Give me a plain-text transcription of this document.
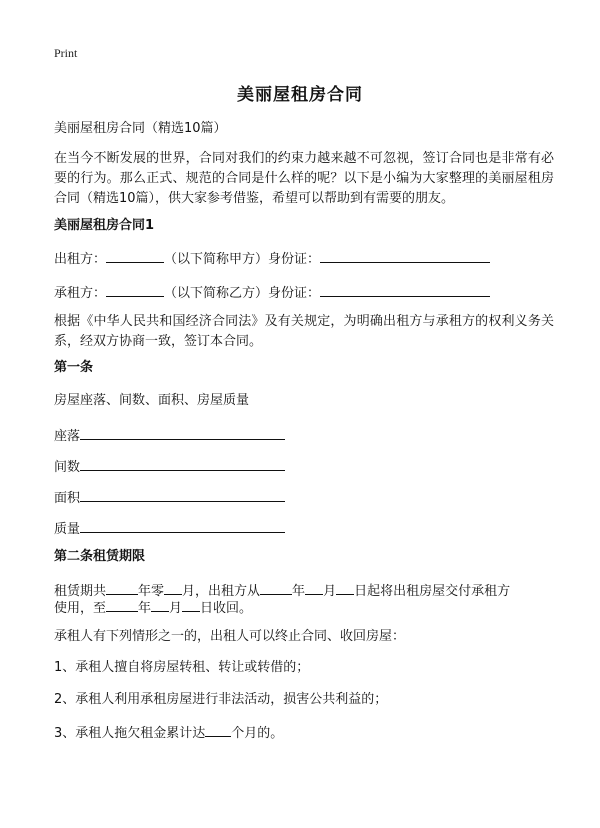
Print
美丽屋租房合同
美丽屋租房合同（精选10篇）
在当今不断发展的世界，合同对我们的约束力越来越不可忽视，签订合同也是非常有必要的行为。那么正式、规范的合同是什么样的呢？以下是小编为大家整理的美丽屋租房合同（精选10篇），供大家参考借鉴，希望可以帮助到有需要的朋友。
美丽屋租房合同1
出租方：	（以下简称甲方）身份证：
承租方：	（以下简称乙方）身份证：
根据《中华人民共和国经济合同法》及有关规定，为明确出租方与承租方的权利义务关系，经双方协商一致，签订本合同。
第一条
房屋座落、间数、面积、房屋质量
座落
间数
面积
质量
第二条租赁期限
租赁期共 年零 月，出租方从 年 月 日起将出租房屋交付承租方
使用，至 年 月 日收回。
承租人有下列情形之一的，出租人可以终止合同、收回房屋：
1、承租人擅自将房屋转租、转让或转借的；
2、承租人利用承租房屋进行非法活动，损害公共利益的；
3、承租人拖欠租金累计达 个月的。
